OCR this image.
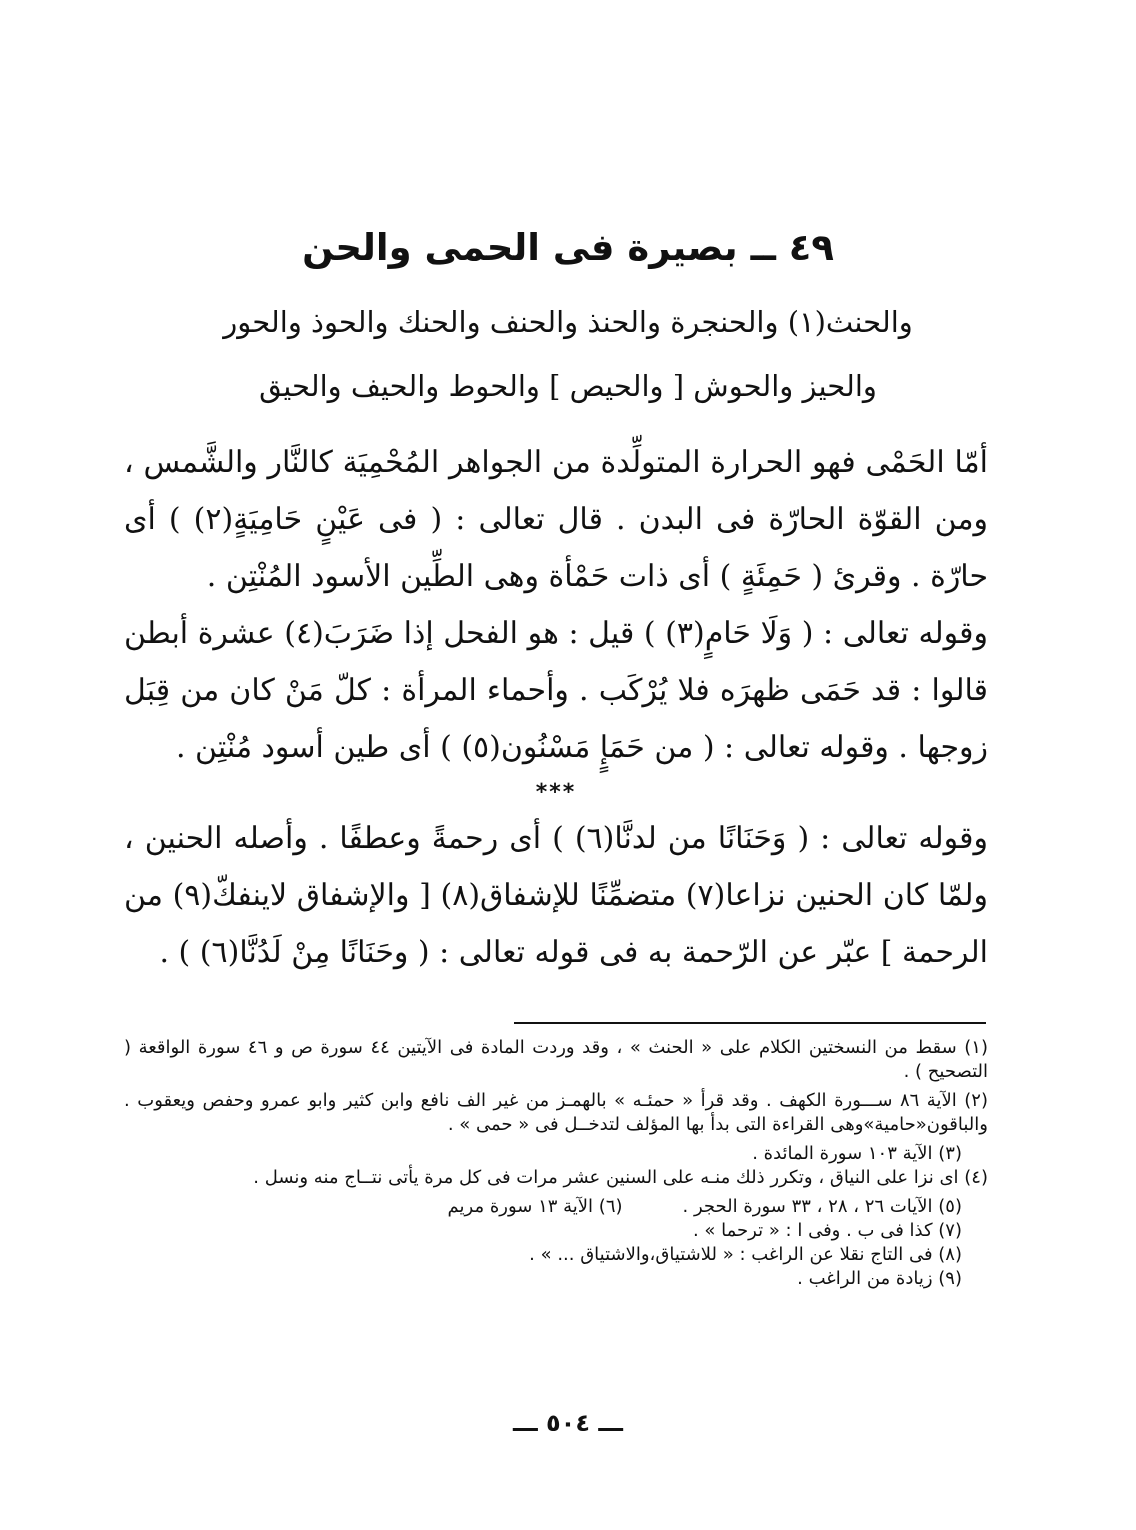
٤٩ ــ بصيرة فى الحمى والحن

والحنث(١) والحنجرة والحنذ والحنف والحنك والحوذ والحور

والحيز والحوش [ والحيص ] والحوط والحيف والحيق

أمّا الحَمْى فهو الحرارة المتولِّدة من الجواهر المُحْمِيَة كالنَّار والشَّمس ، ومن القوّة الحارّة فى البدن . قال تعالى : ( فى عَيْنٍ حَامِيَةٍ(٢) ) أى حارّة . وقرئ ( حَمِئَةٍ ) أى ذات حَمْأة وهى الطِّين الأسود المُنْتِن .

وقوله تعالى : ( وَلَا حَامٍ(٣) ) قيل : هو الفحل إذا ضَرَبَ(٤) عشرة أبطن قالوا : قد حَمَى ظهرَه فلا يُرْكَب . وأحماء المرأة : كلّ مَنْ كان من قِبَل زوجها . وقوله تعالى : ( من حَمَإٍ مَسْنُون(٥) ) أى طين أسود مُنْتِن .

***

وقوله تعالى : ( وَحَنَانًا من لدنَّا(٦) ) أى رحمةً وعطفًا . وأصله الحنين ، ولمّا كان الحنين نزاعا(٧) متضمِّنًا للإشفاق(٨) [ والإشفاق لاينفكّ(٩) من الرحمة ] عبّر عن الرّحمة به فى قوله تعالى : ( وحَنَانًا مِنْ لَدُنَّا(٦) ) .

(١) سقط من النسختين الكلام على « الحنث » ، وقد وردت المادة فى الآيتين ٤٤ سورة ص و ٤٦ سورة الواقعة ( التصحيح ) .

(٢) الآية ٨٦ ســـورة الكهف . وقد قرأ « حمئـه » بالهمـز من غير الف نافع وابن كثير وابو عمرو وحفص ويعقوب . والباقون«حامية»وهى القراءة التى بدأ بها المؤلف لتدخــل فى « حمى » .

(٣) الآية ١٠٣ سورة المائدة .

(٤) اى نزا على النياق ، وتكرر ذلك منـه على السنين عشر مرات فى كل مرة يأتى نتــاج منه ونسل .

(٥) الآيات ٢٦ ، ٢٨ ، ٣٣ سورة الحجر .
(٦) الآية ١٣ سورة مريم

(٧) كذا فى ب . وفى ا : « ترحما » .

(٨) فى التاج نقلا عن الراغب : « للاشتياق،والاشتياق ... » .

(٩) زيادة من الراغب .

ـــ ٥٠٤ ـــ
